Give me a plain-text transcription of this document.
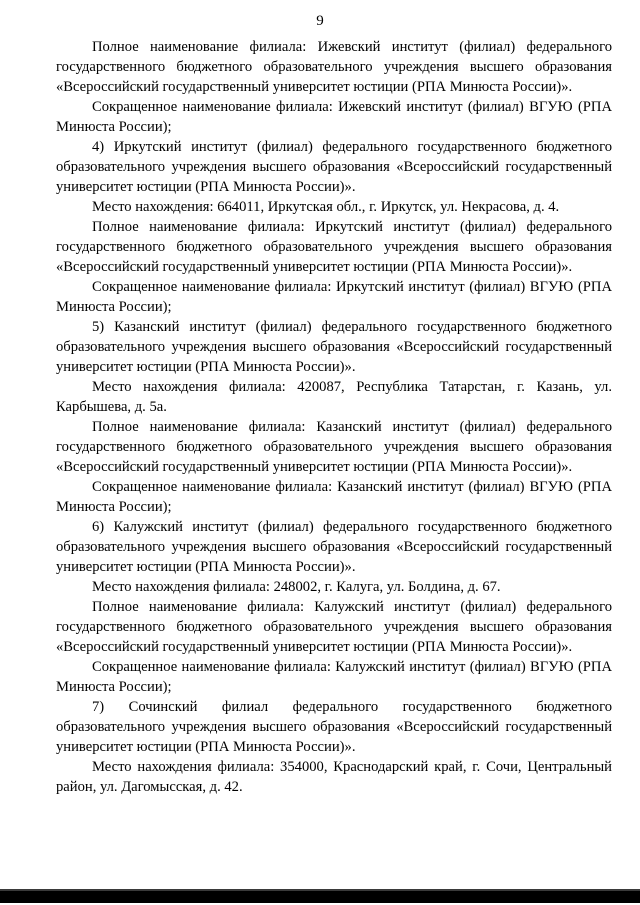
9

Полное наименование филиала: Ижевский институт (филиал) федерального государственного бюджетного образовательного учреждения высшего образования «Всероссийский государственный университет юстиции (РПА Минюста России)».

Сокращенное наименование филиала: Ижевский институт (филиал) ВГУЮ (РПА Минюста России);

4) Иркутский институт (филиал) федерального государственного бюджетного образовательного учреждения высшего образования «Всероссийский государственный университет юстиции (РПА Минюста России)».

Место нахождения: 664011, Иркутская обл., г. Иркутск, ул. Некрасова, д. 4.

Полное наименование филиала: Иркутский институт (филиал) федерального государственного бюджетного образовательного учреждения высшего образования «Всероссийский государственный университет юстиции (РПА Минюста России)».

Сокращенное наименование филиала: Иркутский институт (филиал) ВГУЮ (РПА Минюста России);

5) Казанский институт (филиал) федерального государственного бюджетного образовательного учреждения высшего образования «Всероссийский государственный университет юстиции (РПА Минюста России)».

Место нахождения филиала: 420087, Республика Татарстан, г. Казань, ул. Карбышева, д. 5а.

Полное наименование филиала: Казанский институт (филиал) федерального государственного бюджетного образовательного учреждения высшего образования «Всероссийский государственный университет юстиции (РПА Минюста России)».

Сокращенное наименование филиала: Казанский институт (филиал) ВГУЮ (РПА Минюста России);

6) Калужский институт (филиал) федерального государственного бюджетного образовательного учреждения высшего образования «Всероссийский государственный университет юстиции (РПА Минюста России)».

Место нахождения филиала: 248002, г. Калуга, ул. Болдина, д. 67.

Полное наименование филиала: Калужский институт (филиал) федерального государственного бюджетного образовательного учреждения высшего образования «Всероссийский государственный университет юстиции (РПА Минюста России)».

Сокращенное наименование филиала: Калужский институт (филиал) ВГУЮ (РПА Минюста России);

7) Сочинский филиал федерального государственного бюджетного образовательного учреждения высшего образования «Всероссийский государственный университет юстиции (РПА Минюста России)».

Место нахождения филиала: 354000, Краснодарский край, г. Сочи, Центральный район, ул. Дагомысская, д. 42.
